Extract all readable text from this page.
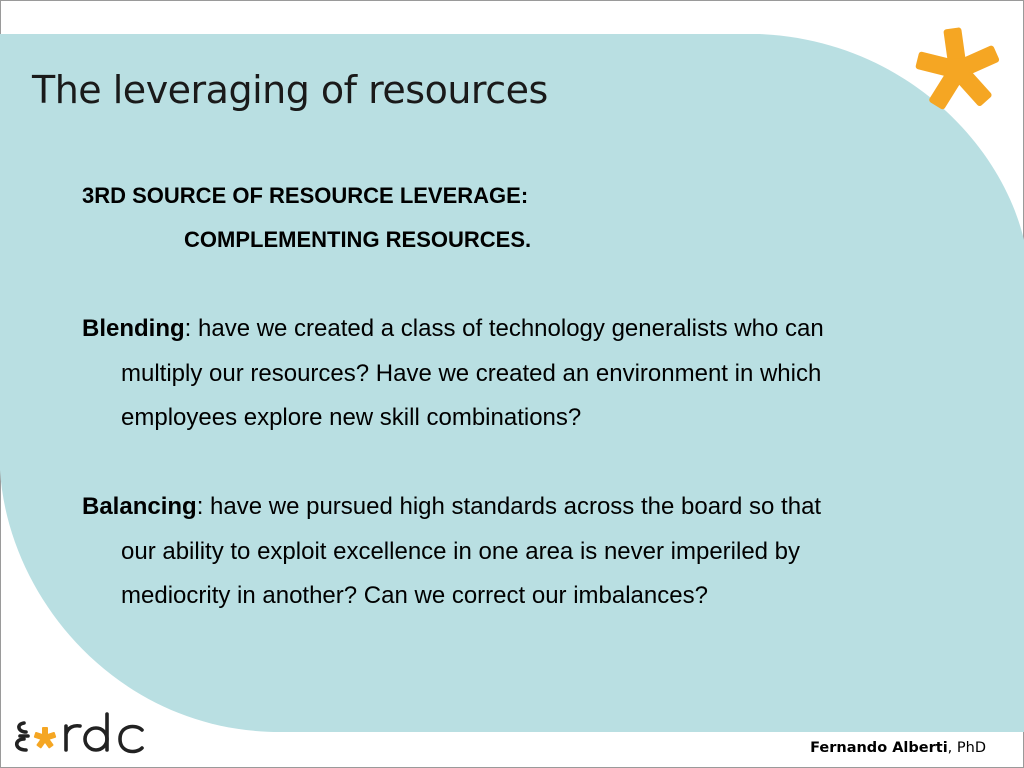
The leveraging of resources
3RD SOURCE OF RESOURCE LEVERAGE:
COMPLEMENTING RESOURCES.
Blending: have we created a class of technology generalists who can
multiply our resources? Have we created an environment in which
employees explore new skill combinations?
Balancing: have we pursued high standards across the board so that
our ability to exploit excellence in one area is never imperiled by
mediocrity in another? Can we correct our imbalances?
Fernando Alberti, PhD
